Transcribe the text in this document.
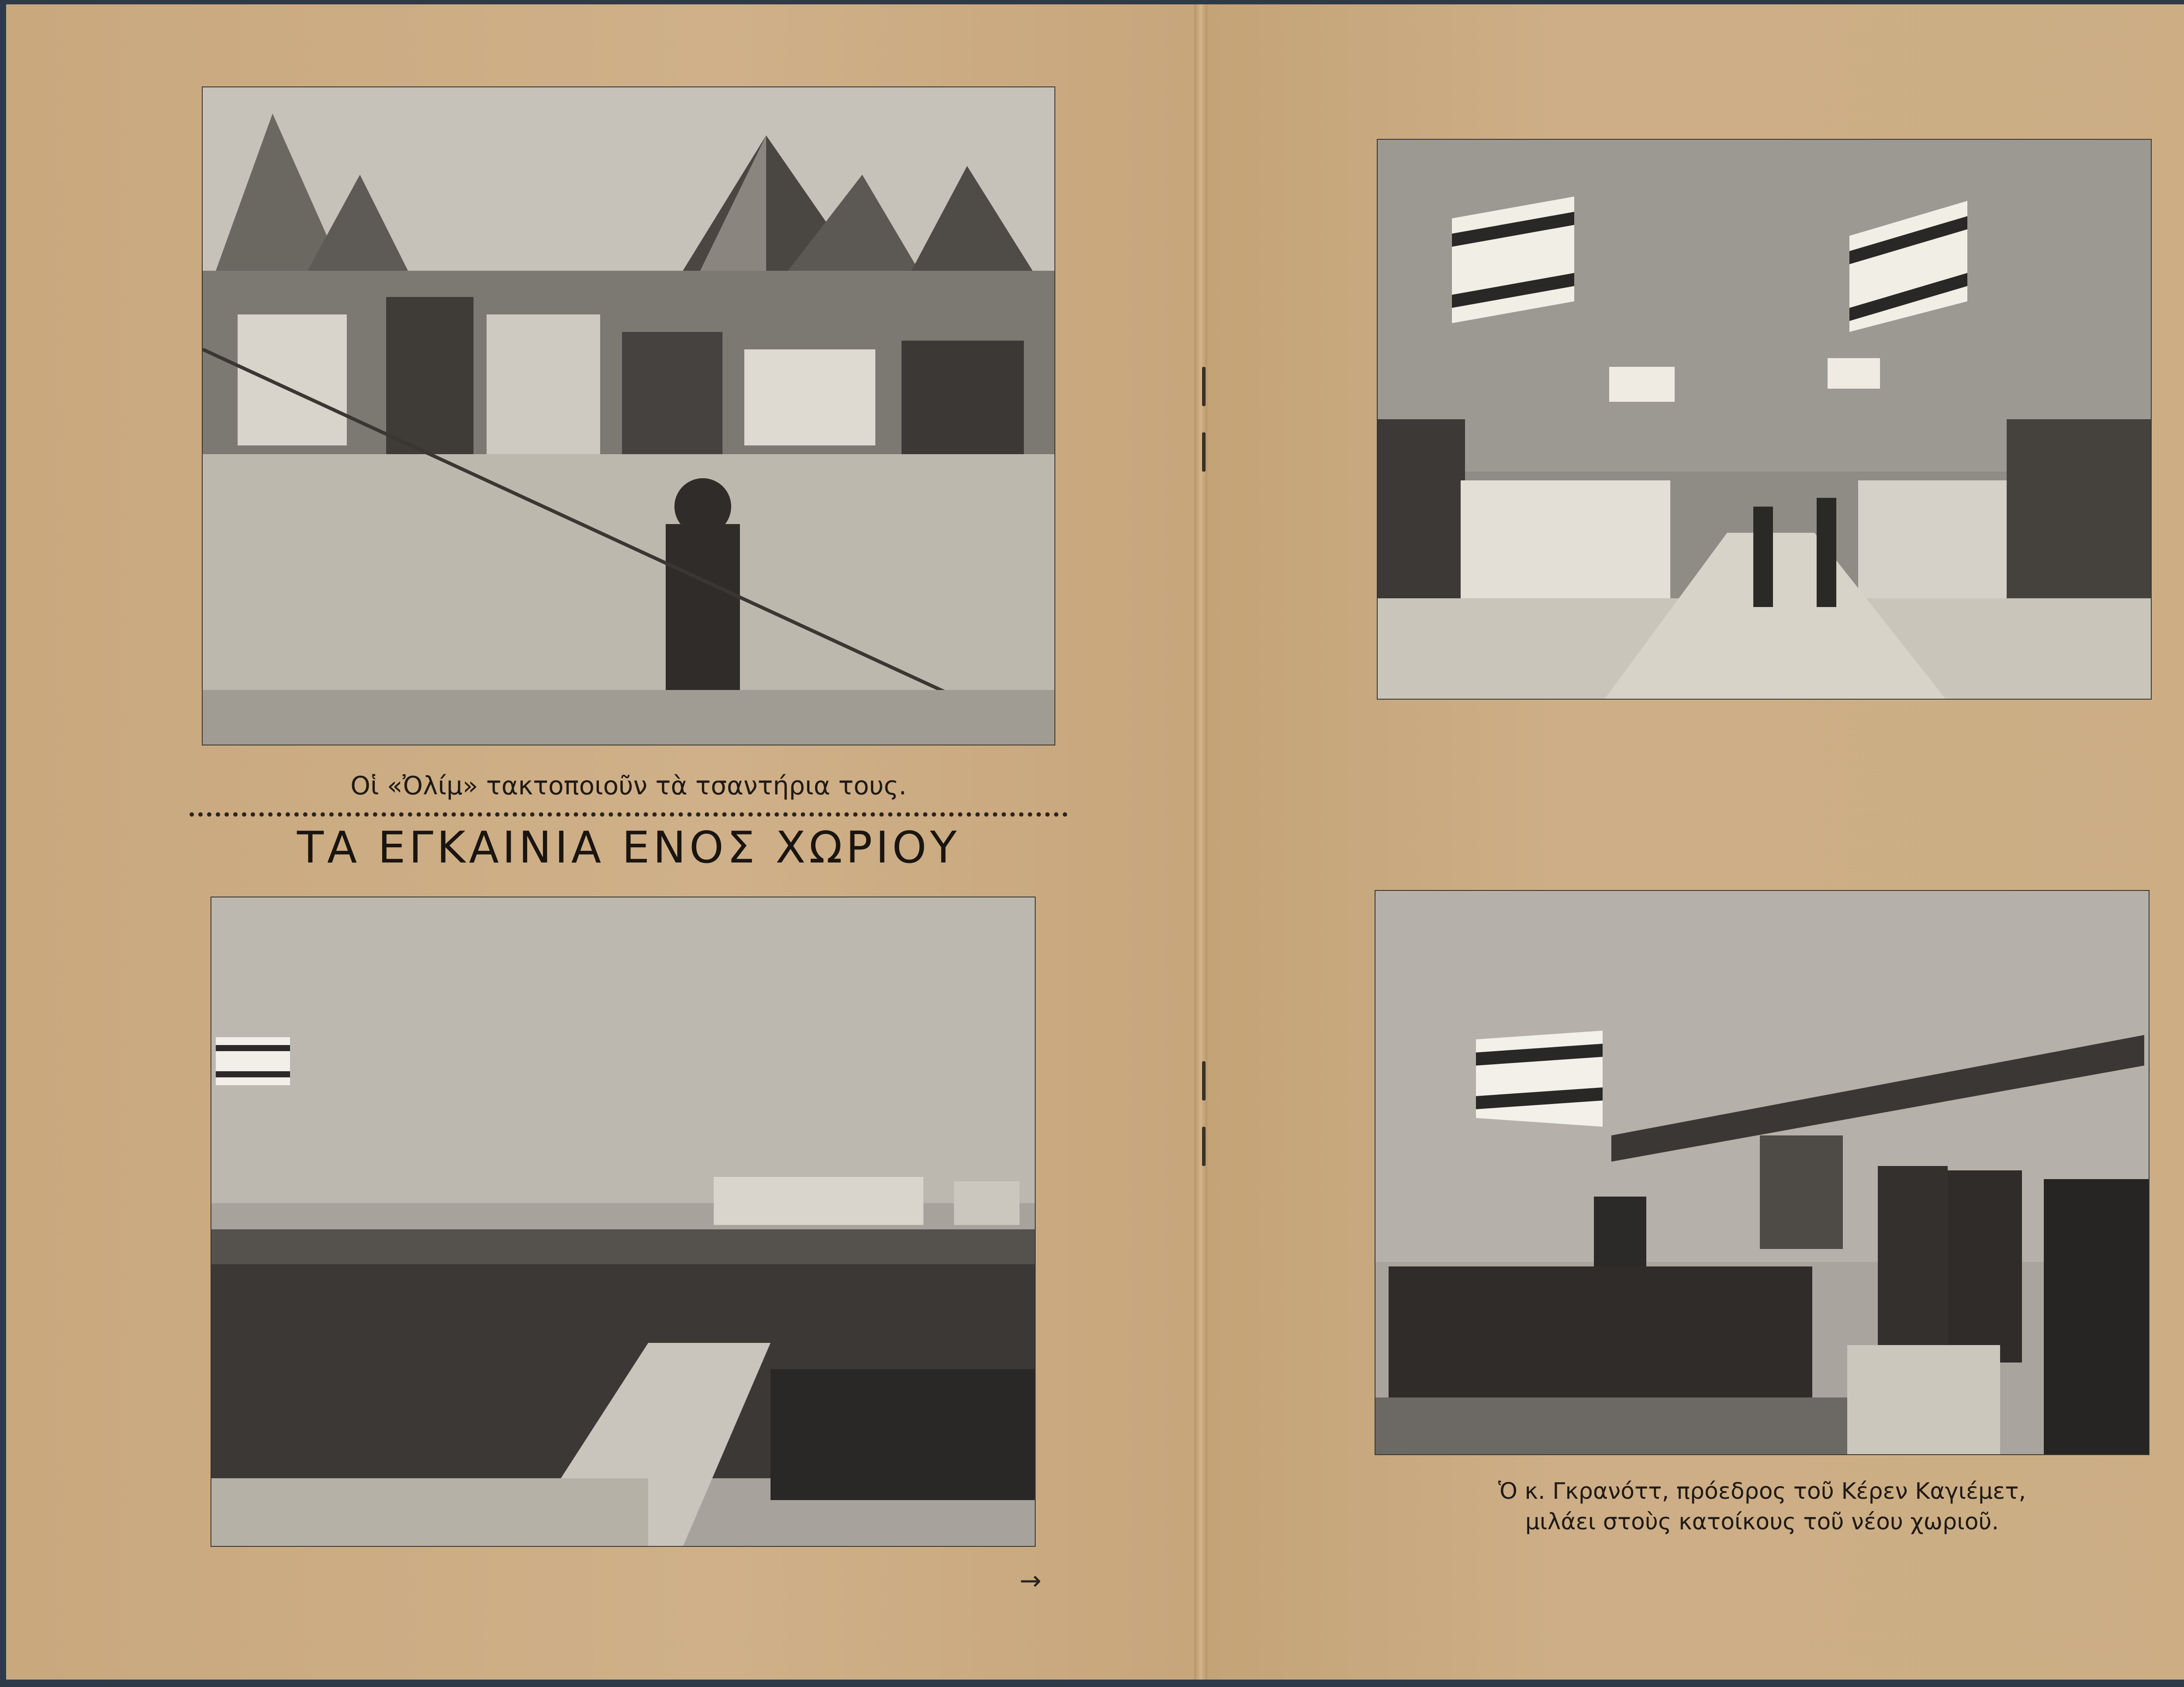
Οἱ «Ὀλίμ» τακτοποιοῦν τὰ τσαντήρια τους.
ΤΑ ΕΓΚΑΙΝΙΑ ΕΝΟΣ ΧΩΡΙΟΥ
→
Ὁ κ. Γκρανόττ, πρόεδρος τοῦ Κέρεν Καγιέμετ,
μιλάει στοὺς κατοίκους τοῦ νέου χωριοῦ.
